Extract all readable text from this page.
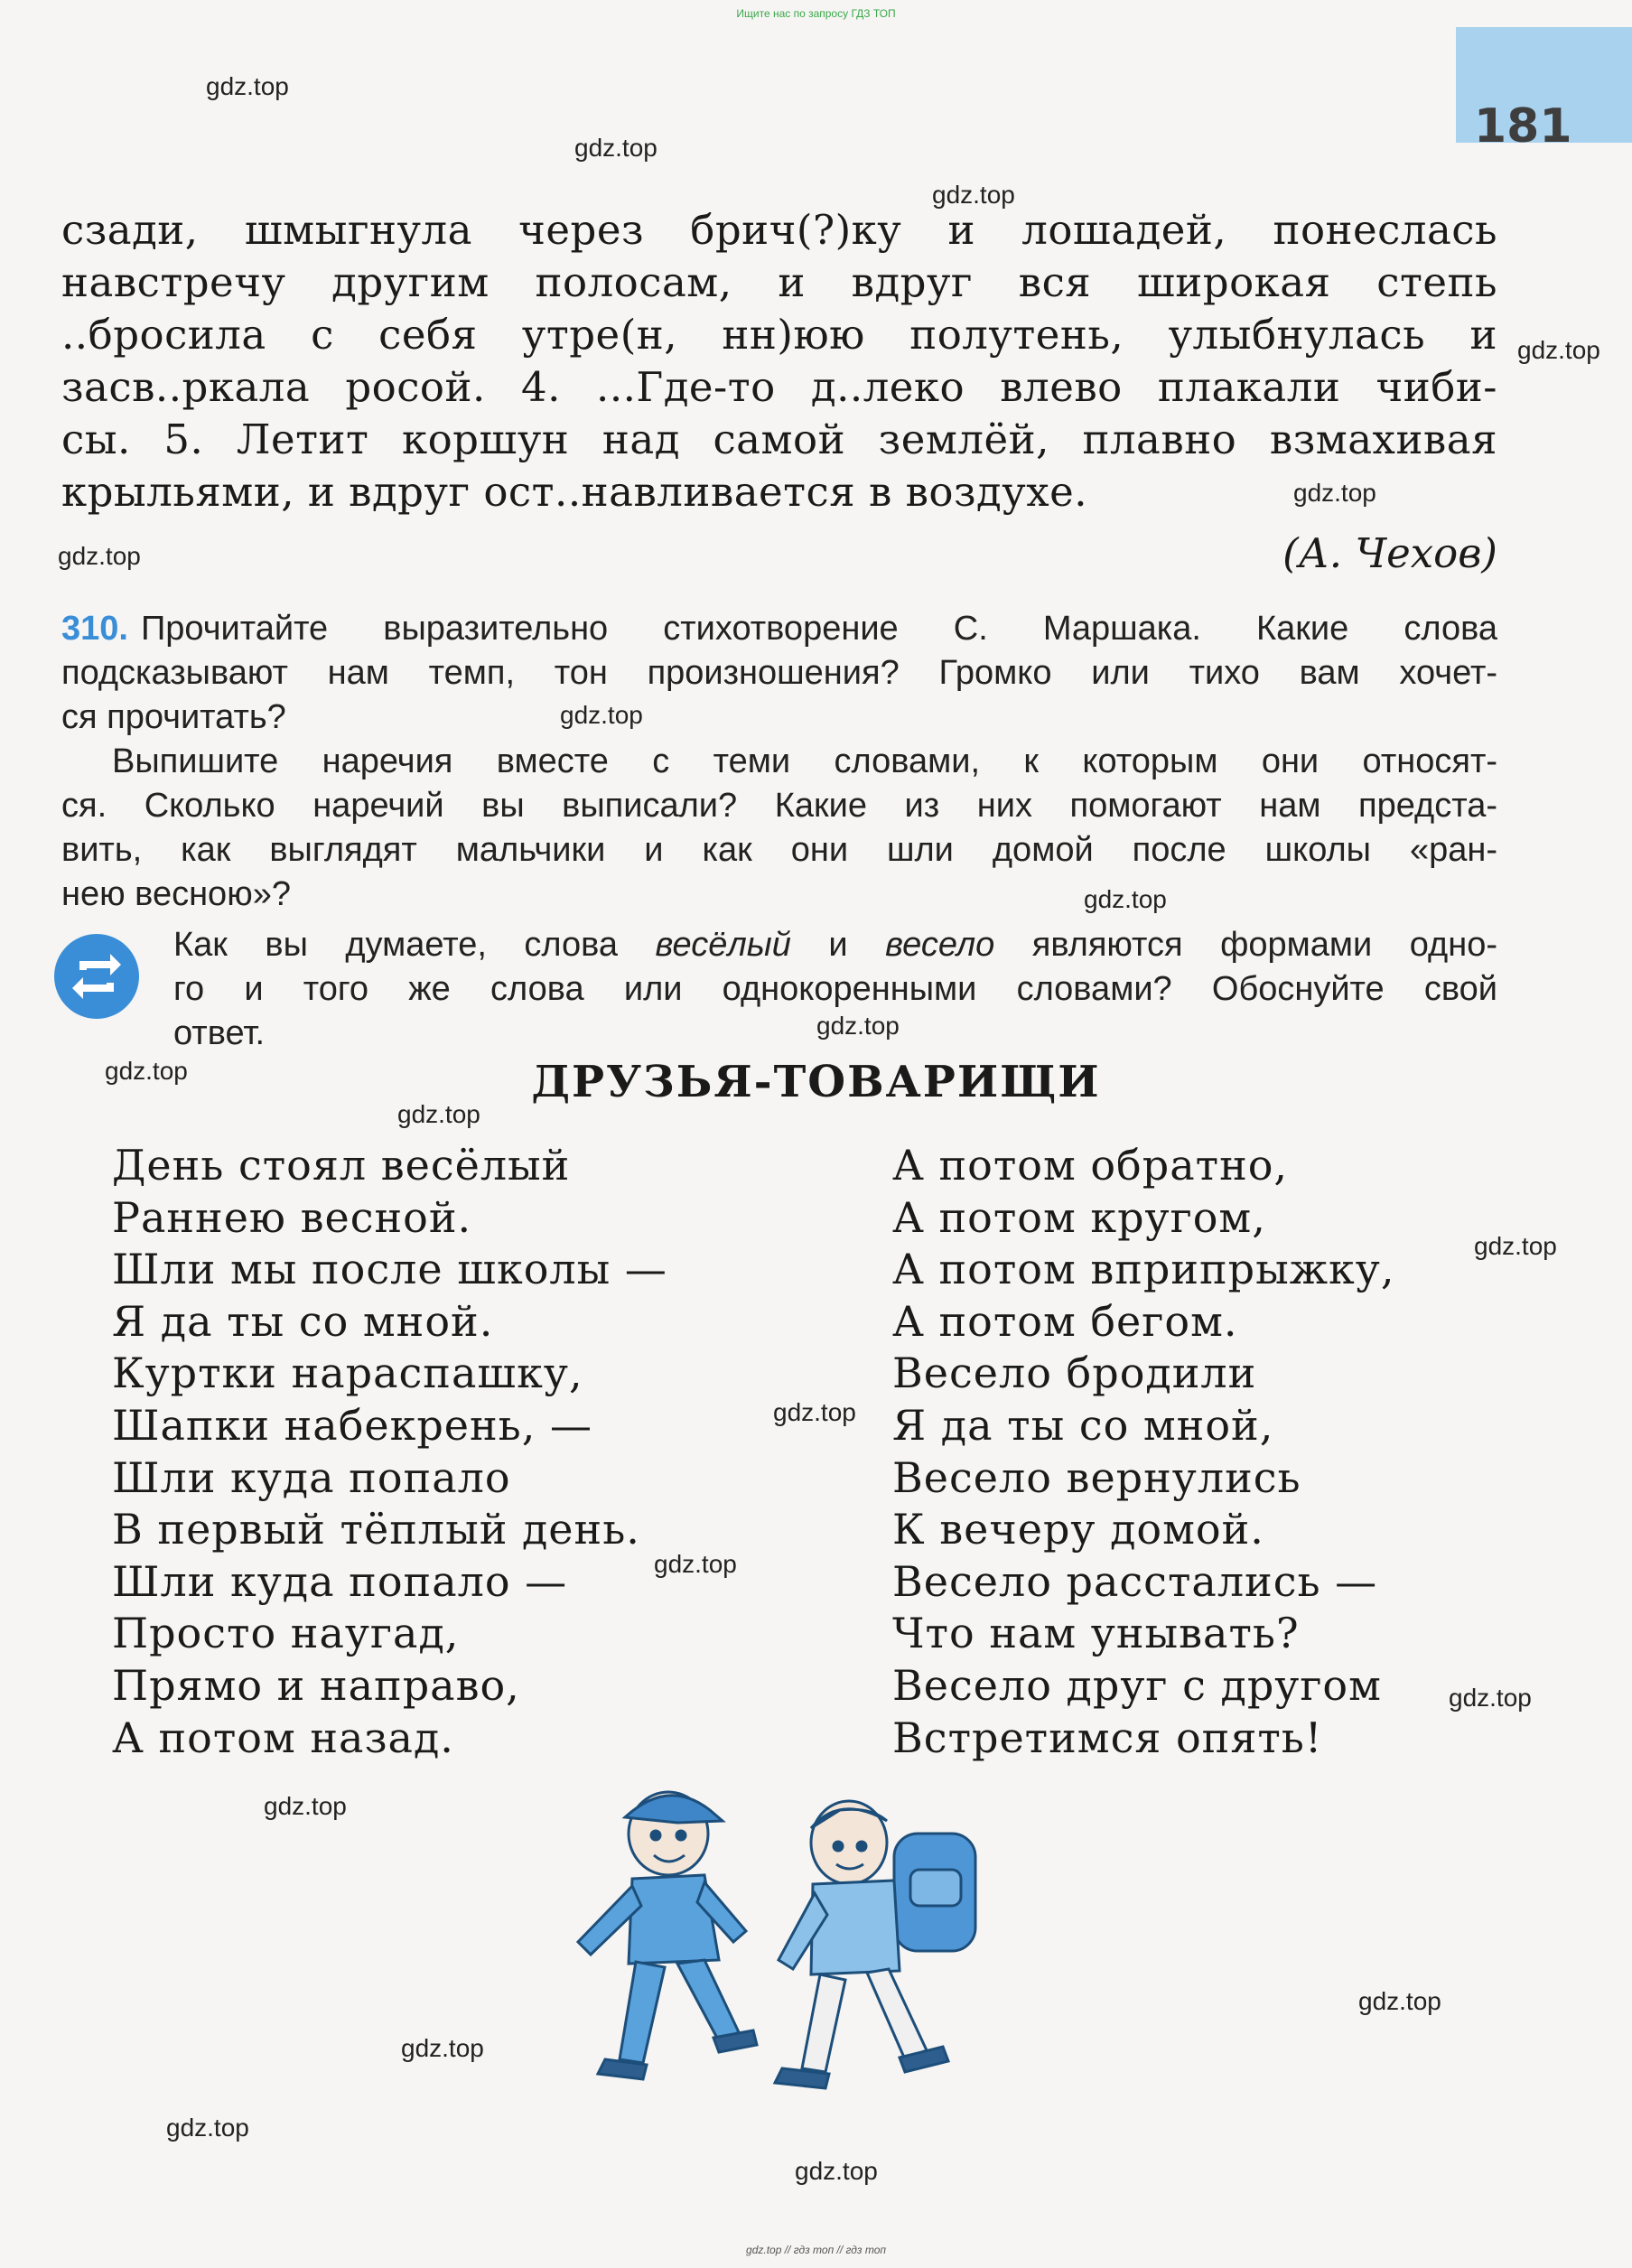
Ищите нас по запросу ГДЗ ТОП
181
сзади, шмыгнула через брич(?)ку и лошадей, понеслась
навстречу другим полосам, и вдруг вся широкая степь
..бросила с себя утре(н, нн)юю полутень, улыбнулась и
засв..ркала росой. 4. ...Где-то д..леко влево плакали чиби-
сы. 5. Летит коршун над самой землёй, плавно взмахивая
крыльями, и вдруг ост..навливается в воздухе.
(А. Чехов)
310. Прочитайте выразительно стихотворение С. Маршака. Какие слова
подсказывают нам темп, тон произношения? Громко или тихо вам хочет-
ся прочитать?
Выпишите наречия вместе с теми словами, к которым они относят-
ся. Сколько наречий вы выписали? Какие из них помогают нам предста-
вить, как выглядят мальчики и как они шли домой после школы «ран-
нею весною»?
Как вы думаете, слова весёлый и весело являются формами одно-
го и того же слова или однокоренными словами? Обоснуйте свой
ответ.
ДРУЗЬЯ-ТОВАРИЩИ
День стоял весёлый
Раннею весной.
Шли мы после школы —
Я да ты со мной.
Куртки нараспашку,
Шапки набекрень, —
Шли куда попало
В первый тёплый день.
Шли куда попало —
Просто наугад,
Прямо и направо,
А потом назад.
А потом обратно,
А потом кругом,
А потом вприпрыжку,
А потом бегом.
Весело бродили
Я да ты со мной,
Весело вернулись
К вечеру домой.
Весело расстались —
Что нам унывать?
Весело друг с другом
Встретимся опять!
gdz.top
gdz.top
gdz.top
gdz.top
gdz.top
gdz.top
gdz.top
gdz.top
gdz.top
gdz.top
gdz.top
gdz.top
gdz.top
gdz.top
gdz.top
gdz.top
gdz.top
gdz.top
gdz.top
gdz.top
gdz.top // гдз топ // гдз топ
